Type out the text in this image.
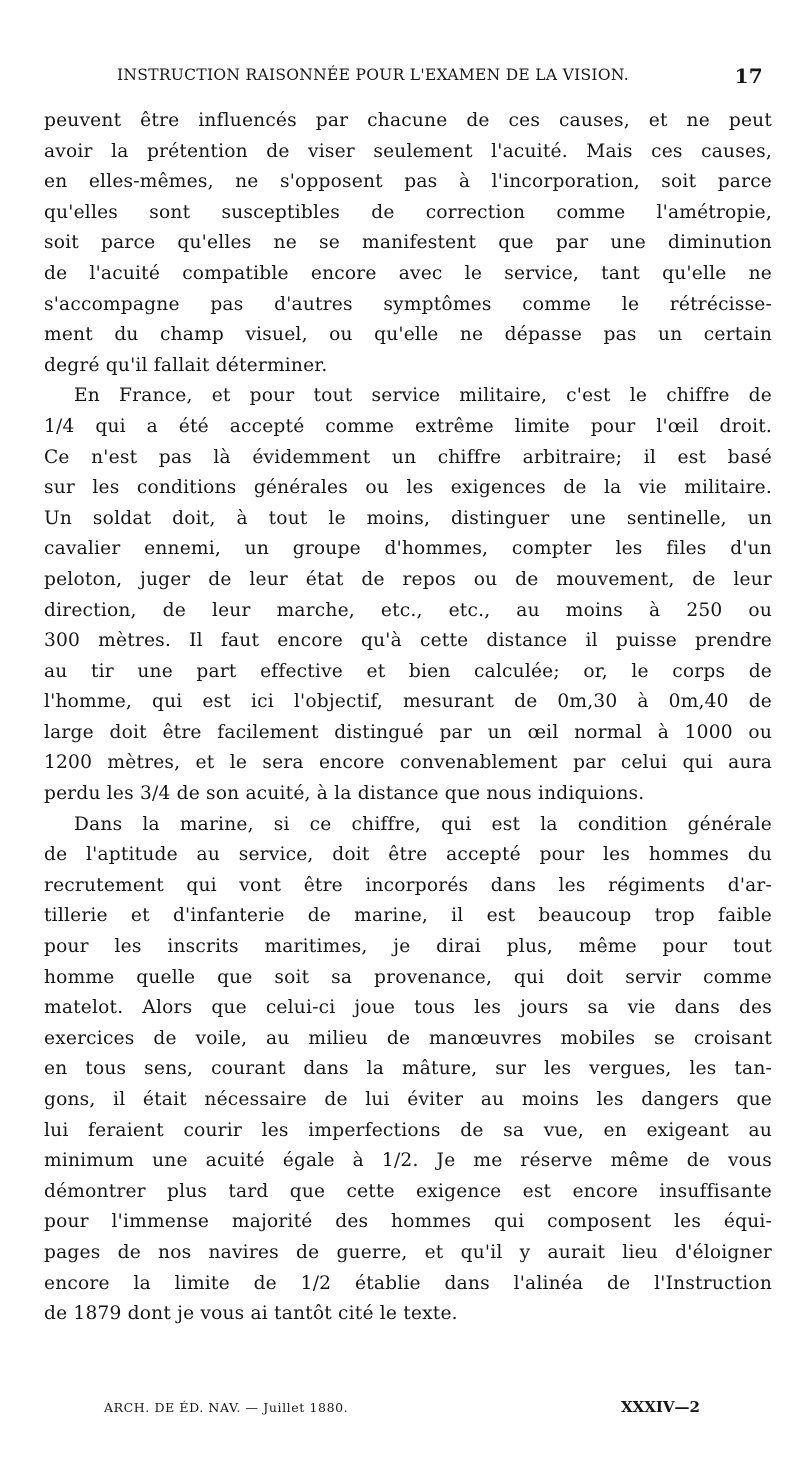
INSTRUCTION RAISONNÉE POUR L'EXAMEN DE LA VISION.	17
peuvent être influencés par chacune de ces causes, et ne peut
avoir la prétention de viser seulement l'acuité. Mais ces causes,
en elles-mêmes, ne s'opposent pas à l'incorporation, soit parce
qu'elles sont susceptibles de correction comme l'amétropie,
soit parce qu'elles ne se manifestent que par une diminution
de l'acuité compatible encore avec le service, tant qu'elle ne
s'accompagne pas d'autres symptômes comme le rétrécisse-
ment du champ visuel, ou qu'elle ne dépasse pas un certain
degré qu'il fallait déterminer.
En France, et pour tout service militaire, c'est le chiffre de
1/4 qui a été accepté comme extrême limite pour l'œil droit.
Ce n'est pas là évidemment un chiffre arbitraire; il est basé
sur les conditions générales ou les exigences de la vie militaire.
Un soldat doit, à tout le moins, distinguer une sentinelle, un
cavalier ennemi, un groupe d'hommes, compter les files d'un
peloton, juger de leur état de repos ou de mouvement, de leur
direction, de leur marche, etc., etc., au moins à 250 ou
300 mètres. Il faut encore qu'à cette distance il puisse prendre
au tir une part effective et bien calculée; or, le corps de
l'homme, qui est ici l'objectif, mesurant de 0m,30 à 0m,40 de
large doit être facilement distingué par un œil normal à 1000 ou
1200 mètres, et le sera encore convenablement par celui qui aura
perdu les 3/4 de son acuité, à la distance que nous indiquions.
Dans la marine, si ce chiffre, qui est la condition générale
de l'aptitude au service, doit être accepté pour les hommes du
recrutement qui vont être incorporés dans les régiments d'ar-
tillerie et d'infanterie de marine, il est beaucoup trop faible
pour les inscrits maritimes, je dirai plus, même pour tout
homme quelle que soit sa provenance, qui doit servir comme
matelot. Alors que celui-ci joue tous les jours sa vie dans des
exercices de voile, au milieu de manœuvres mobiles se croisant
en tous sens, courant dans la mâture, sur les vergues, les tan-
gons, il était nécessaire de lui éviter au moins les dangers que
lui feraient courir les imperfections de sa vue, en exigeant au
minimum une acuité égale à 1/2. Je me réserve même de vous
démontrer plus tard que cette exigence est encore insuffisante
pour l'immense majorité des hommes qui composent les équi-
pages de nos navires de guerre, et qu'il y aurait lieu d'éloigner
encore la limite de 1/2 établie dans l'alinéa de l'Instruction
de 1879 dont je vous ai tantôt cité le texte.
ARCH. DE ÉD. NAV. — Juillet 1880.	XXXIV—2
